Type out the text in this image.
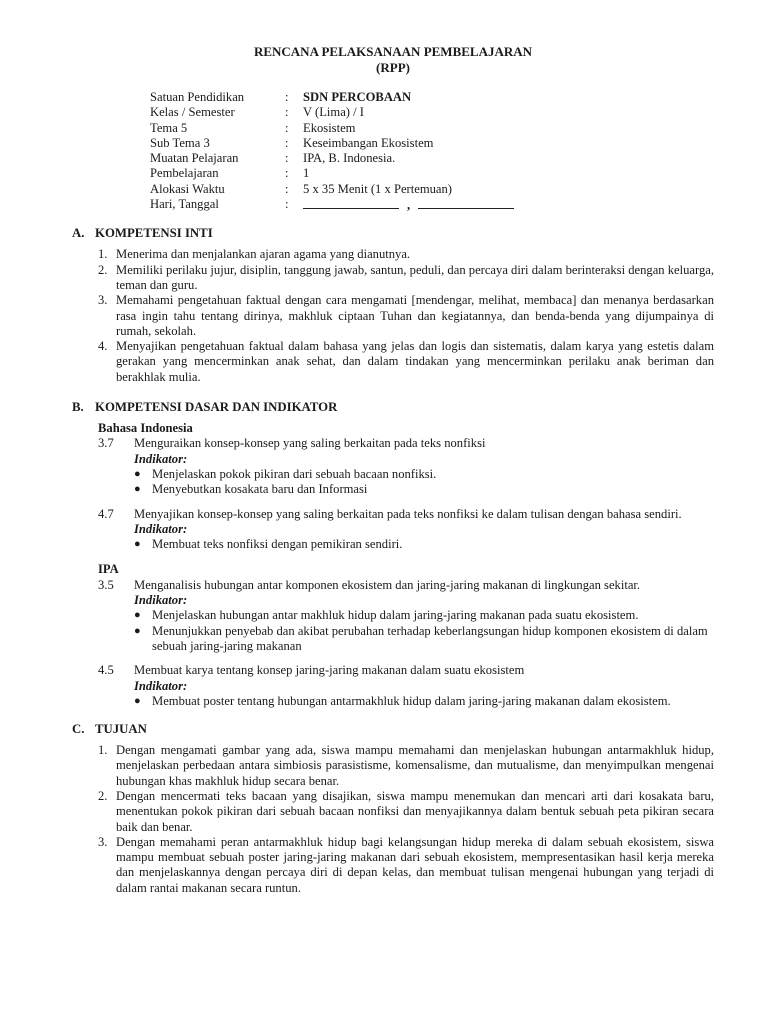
RENCANA PELAKSANAAN PEMBELAJARAN
(RPP)
Satuan Pendidikan	:	SDN PERCOBAAN
Kelas / Semester	:	V (Lima) / I
Tema 5	:	Ekosistem
Sub Tema 3	:	Keseimbangan Ekosistem
Muatan Pelajaran	:	IPA, B. Indonesia.
Pembelajaran	:	1
Alokasi Waktu	:	5 x 35 Menit (1 x Pertemuan)
Hari, Tanggal	:	,
A. KOMPETENSI INTI
1. Menerima dan menjalankan ajaran agama yang dianutnya.
2. Memiliki perilaku jujur, disiplin, tanggung jawab, santun, peduli, dan percaya diri dalam berinteraksi dengan keluarga, teman dan guru.
3. Memahami pengetahuan faktual dengan cara mengamati [mendengar, melihat, membaca] dan menanya berdasarkan rasa ingin tahu tentang dirinya, makhluk ciptaan Tuhan dan kegiatannya, dan benda-benda yang dijumpainya di rumah, sekolah.
4. Menyajikan pengetahuan faktual dalam bahasa yang jelas dan logis dan sistematis, dalam karya yang estetis dalam gerakan yang mencerminkan anak sehat, dan dalam tindakan yang mencerminkan perilaku anak beriman dan berakhlak mulia.
B. KOMPETENSI DASAR DAN INDIKATOR
Bahasa Indonesia
3.7	Menguraikan konsep-konsep yang saling berkaitan pada teks nonfiksi
Indikator:
● Menjelaskan pokok pikiran dari sebuah bacaan nonfiksi.
● Menyebutkan kosakata baru dan Informasi
4.7	Menyajikan konsep-konsep yang saling berkaitan pada teks nonfiksi ke dalam tulisan dengan bahasa sendiri.
Indikator:
● Membuat teks nonfiksi dengan pemikiran sendiri.
IPA
3.5	Menganalisis hubungan antar komponen ekosistem dan jaring-jaring makanan di lingkungan sekitar.
Indikator:
● Menjelaskan hubungan antar makhluk hidup dalam jaring-jaring makanan pada suatu ekosistem.
● Menunjukkan penyebab dan akibat perubahan terhadap keberlangsungan hidup komponen ekosistem di dalam sebuah jaring-jaring makanan
4.5	Membuat karya tentang konsep jaring-jaring makanan dalam suatu ekosistem
Indikator:
● Membuat poster tentang hubungan antarmakhluk hidup dalam jaring-jaring makanan dalam ekosistem.
C. TUJUAN
1. Dengan mengamati gambar yang ada, siswa mampu memahami dan menjelaskan hubungan antarmakhluk hidup, menjelaskan perbedaan antara simbiosis parasistisme, komensalisme, dan mutualisme, dan menyimpulkan mengenai hubungan khas makhluk hidup secara benar.
2. Dengan mencermati teks bacaan yang disajikan, siswa mampu menemukan dan mencari arti dari kosakata baru, menentukan pokok pikiran dari sebuah bacaan nonfiksi dan menyajikannya dalam bentuk sebuah peta pikiran secara baik dan benar.
3. Dengan memahami peran antarmakhluk hidup bagi kelangsungan hidup mereka di dalam sebuah ekosistem, siswa mampu membuat sebuah poster jaring-jaring makanan dari sebuah ekosistem, mempresentasikan hasil kerja mereka dan menjelaskannya dengan percaya diri di depan kelas, dan membuat tulisan mengenai hubungan yang terjadi di dalam rantai makanan secara runtun.
